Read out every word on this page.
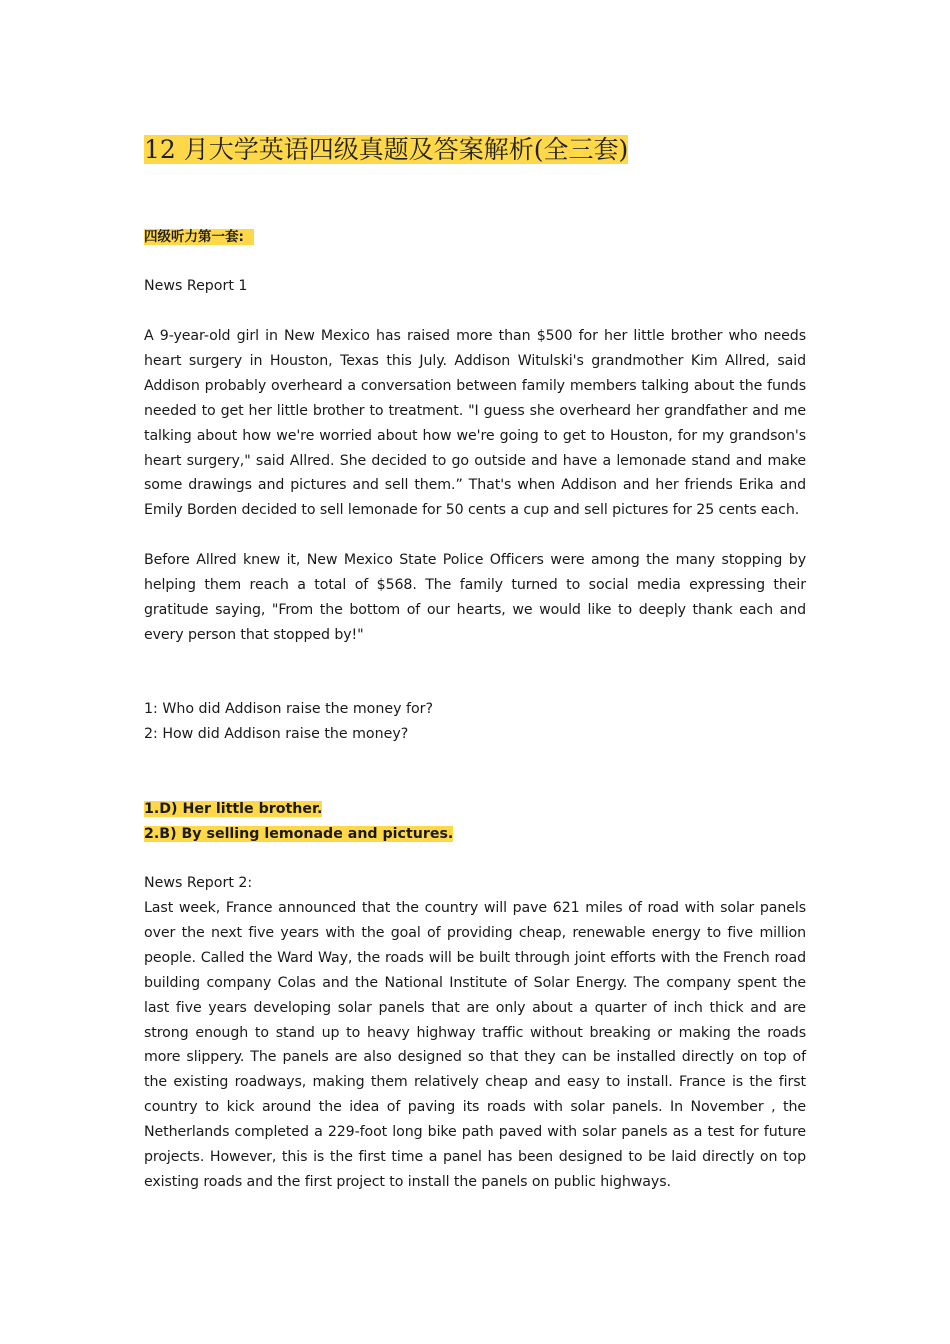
12 月大学英语四级真题及答案解析(全三套)
四级听力第一套:
News Report 1
A 9-year-old girl in New Mexico has raised more than $500 for her little brother who needs heart surgery in Houston, Texas this July. Addison Witulski's grandmother Kim Allred, said Addison probably overheard a conversation between family members talking about the funds needed to get her little brother to treatment. "I guess she overheard her grandfather and me talking about how we're worried about how we're going to get to Houston, for my grandson's heart surgery," said Allred. She decided to go outside and have a lemonade stand and make some drawings and pictures and sell them.” That's when Addison and her friends Erika and Emily Borden decided to sell lemonade for 50 cents a cup and sell pictures for 25 cents each.
Before Allred knew it, New Mexico State Police Officers were among the many stopping by helping them reach a total of $568. The family turned to social media expressing their gratitude saying, "From the bottom of our hearts, we would like to deeply thank each and every person that stopped by!"
1: Who did Addison raise the money for?
2: How did Addison raise the money?
1.D) Her little brother.
2.B) By selling lemonade and pictures.
News Report 2:
Last week, France announced that the country will pave 621 miles of road with solar panels over the next five years with the goal of providing cheap, renewable energy to five million people. Called the Ward Way, the roads will be built through joint efforts with the French road building company Colas and the National Institute of Solar Energy. The company spent the last five years developing solar panels that are only about a quarter of inch thick and are strong enough to stand up to heavy highway traffic without breaking or making the roads more slippery. The panels are also designed so that they can be installed directly on top of the existing roadways, making them relatively cheap and easy to install. France is the first country to kick around the idea of paving its roads with solar panels. In November , the Netherlands completed a 229-foot long bike path paved with solar panels as a test for future projects. However, this is the first time a panel has been designed to be laid directly on top existing roads and the first project to install the panels on public highways.
